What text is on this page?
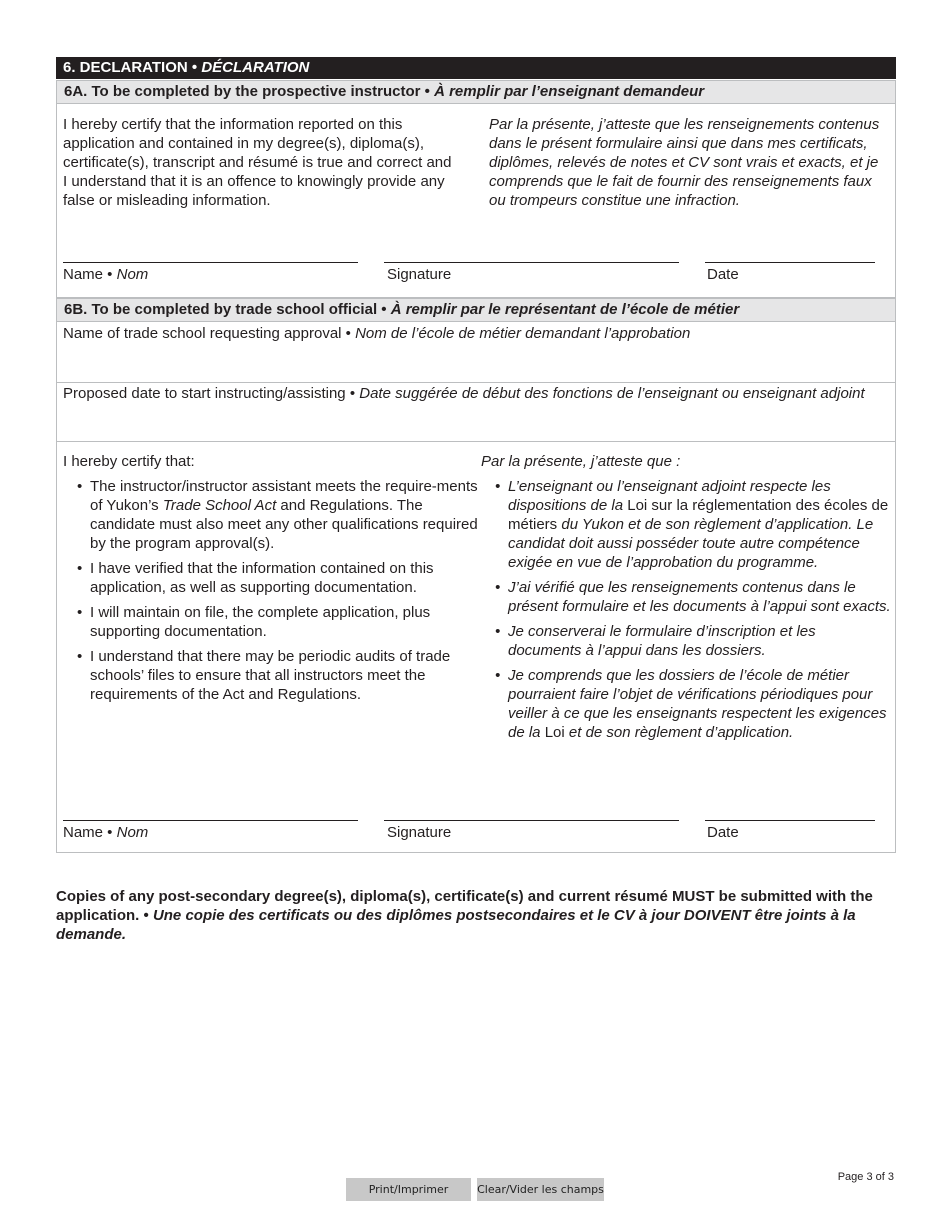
6. DECLARATION • DÉCLARATION
6A. To be completed by the prospective instructor • À remplir par l’enseignant demandeur
I hereby certify that the information reported on this application and contained in my degree(s), diploma(s), certificate(s), transcript and résumé is true and correct and I understand that it is an offence to knowingly provide any false or misleading information.
Par la présente, j’atteste que les renseignements contenus dans le présent formulaire ainsi que dans mes certificats, diplômes, relevés de notes et CV sont vrais et exacts, et je comprends que le fait de fournir des renseignements faux ou trompeurs constitue une infraction.
Name • Nom	Signature	Date
6B. To be completed by trade school official • À remplir par le représentant de l’école de métier
Name of trade school requesting approval • Nom de l’école de métier demandant l’approbation
Proposed date to start instructing/assisting • Date suggérée de début des fonctions de l’enseignant ou enseignant adjoint
I hereby certify that:
• The instructor/instructor assistant meets the require-ments of Yukon’s Trade School Act and Regulations. The candidate must also meet any other qualifications required by the program approval(s).
• I have verified that the information contained on this application, as well as supporting documentation.
• I will maintain on file, the complete application, plus supporting documentation.
• I understand that there may be periodic audits of trade schools’ files to ensure that all instructors meet the requirements of the Act and Regulations.
Par la présente, j’atteste que :
• L’enseignant ou l’enseignant adjoint respecte les dispositions de la Loi sur la réglementation des écoles de métiers du Yukon et de son règlement d’application. Le candidat doit aussi posséder toute autre compétence exigée en vue de l’approbation du programme.
• J’ai vérifié que les renseignements contenus dans le présent formulaire et les documents à l’appui sont exacts.
• Je conserverai le formulaire d’inscription et les documents à l’appui dans les dossiers.
• Je comprends que les dossiers de l’école de métier pourraient faire l’objet de vérifications périodiques pour veiller à ce que les enseignants respectent les exigences de la Loi et de son règlement d’application.
Name • Nom	Signature	Date
Copies of any post-secondary degree(s), diploma(s), certificate(s) and current résumé MUST be submitted with the application. • Une copie des certificats ou des diplômes postsecondaires et le CV à jour DOIVENT être joints à la demande.
Print/Imprimer	Clear/Vider les champs
Page 3 of 3
